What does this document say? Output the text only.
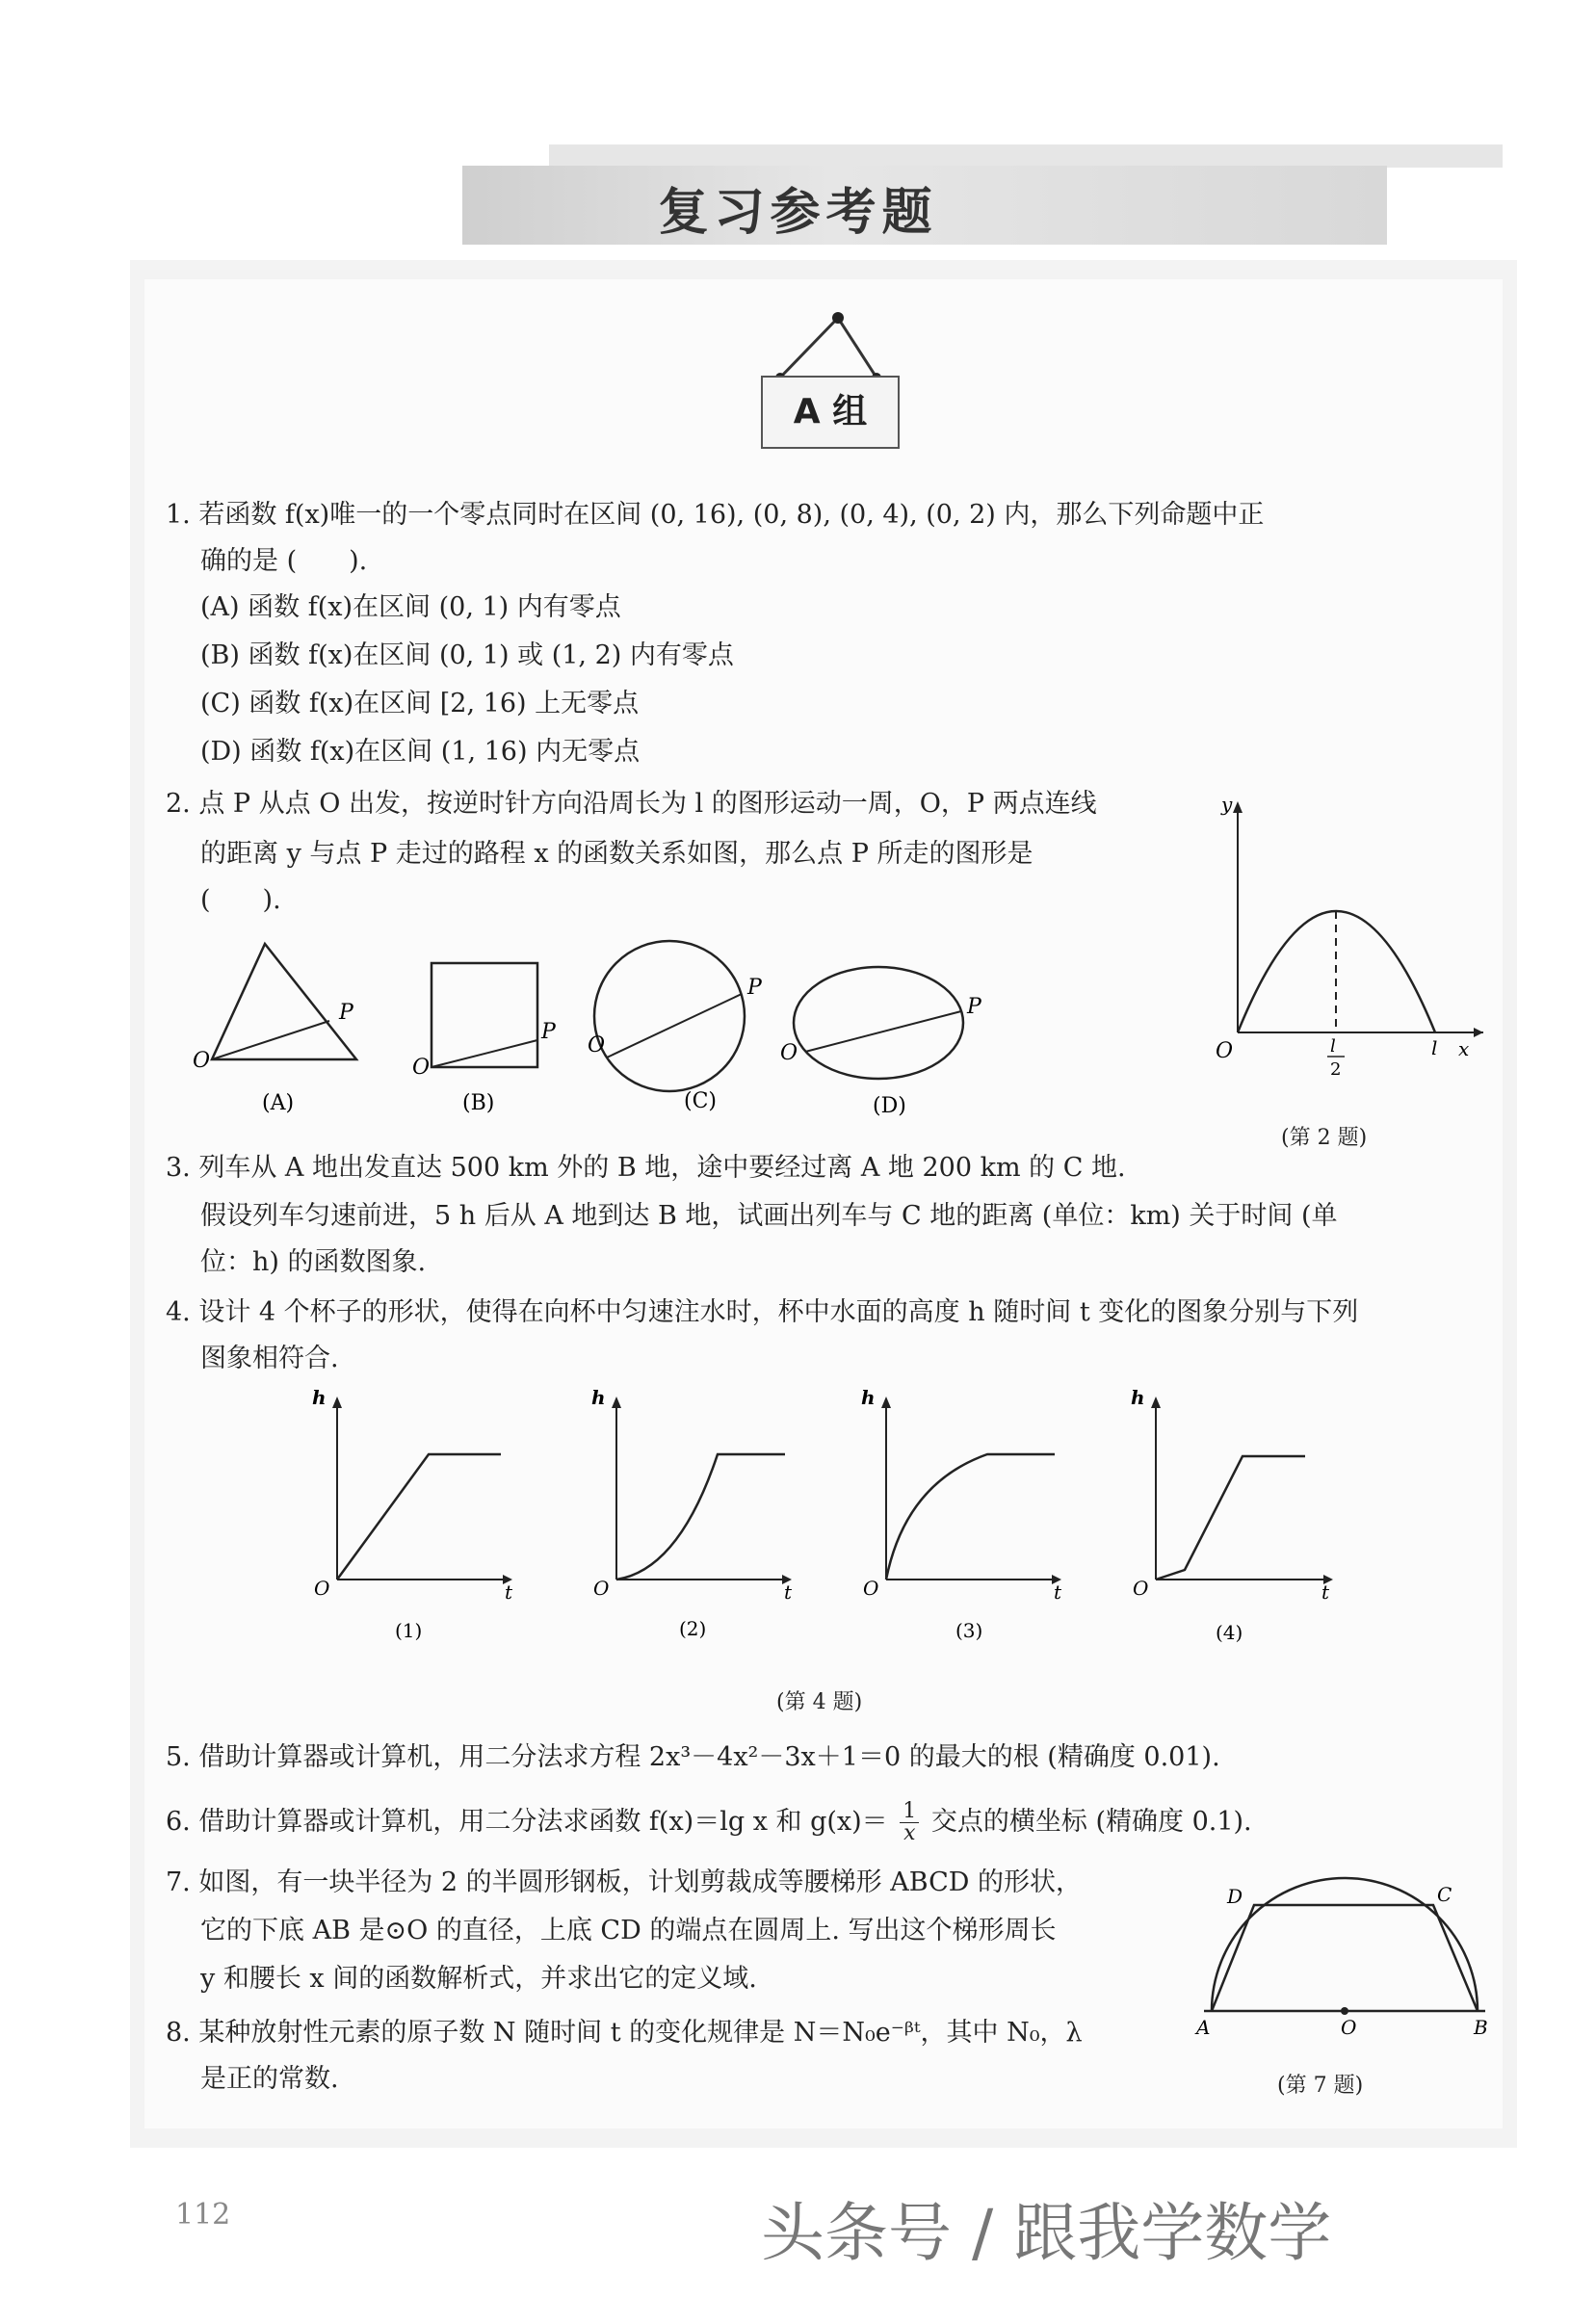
复习参考题
A 组
1. 若函数 f(x)唯一的一个零点同时在区间 (0, 16), (0, 8), (0, 4), (0, 2) 内，那么下列命题中正
确的是 (　　).
(A) 函数 f(x)在区间 (0, 1) 内有零点
(B) 函数 f(x)在区间 (0, 1) 或 (1, 2) 内有零点
(C) 函数 f(x)在区间 [2, 16) 上无零点
(D) 函数 f(x)在区间 (1, 16) 内无零点
2. 点 P 从点 O 出发，按逆时针方向沿周长为 l 的图形运动一周，O，P 两点连线
的距离 y 与点 P 走过的路程 x 的函数关系如图，那么点 P 所走的图形是
(　　).
O
P
(A)
O
P
(B)
O
P
(C)
O
P
(D)
y
O	l
2
l x
(第 2 题)
3. 列车从 A 地出发直达 500 km 外的 B 地，途中要经过离 A 地 200 km 的 C 地.
假设列车匀速前进，5 h 后从 A 地到达 B 地，试画出列车与 C 地的距离 (单位：km) 关于时间 (单
位：h) 的函数图象.
4. 设计 4 个杯子的形状，使得在向杯中匀速注水时，杯中水面的高度 h 随时间 t 变化的图象分别与下列
图象相符合.
h
O	t
(1)
h
O	t
(2)
h
O	t
(3)
h
O	t
(4)
(第 4 题)
5. 借助计算器或计算机，用二分法求方程 2x³－4x²－3x＋1＝0 的最大的根 (精确度 0.01).
6. 借助计算器或计算机，用二分法求函数 f(x)＝lg x 和 $g(x)= \frac{1}{x}$ 交点的横坐标 (精确度 0.1).
7. 如图，有一块半径为 2 的半圆形钢板，计划剪裁成等腰梯形 ABCD 的形状，
它的下底 AB 是⊙O 的直径，上底 CD 的端点在圆周上. 写出这个梯形周长
y 和腰长 x 间的函数解析式，并求出它的定义域.
A	O	B
D	C
(第 7 题)
8. 某种放射性元素的原子数 N 随时间 t 的变化规律是 N＝N₀e⁻ᵝᵗ，其中 N₀，λ
是正的常数.
112	头条号 / 跟我学数学
